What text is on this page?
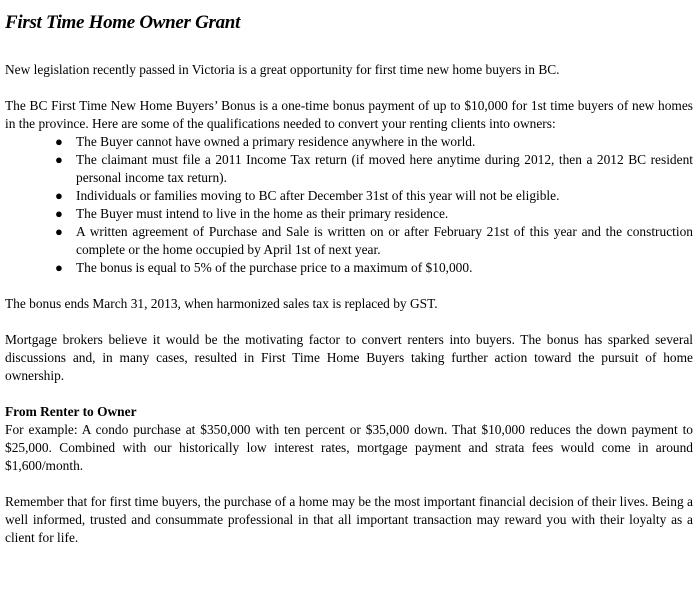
First Time Home Owner Grant

New legislation recently passed in Victoria is a great opportunity for first time new home buyers in BC.

The BC First Time New Home Buyers’ Bonus is a one-time bonus payment of up to $10,000 for 1st time buyers of new homes in the province. Here are some of the qualifications needed to convert your renting clients into owners:

● The Buyer cannot have owned a primary residence anywhere in the world.
● The claimant must file a 2011 Income Tax return (if moved here anytime during 2012, then a 2012 BC resident personal income tax return).
● Individuals or families moving to BC after December 31st of this year will not be eligible.
● The Buyer must intend to live in the home as their primary residence.
● A written agreement of Purchase and Sale is written on or after February 21st of this year and the construction complete or the home occupied by April 1st of next year.
● The bonus is equal to 5% of the purchase price to a maximum of $10,000.

The bonus ends March 31, 2013, when harmonized sales tax is replaced by GST.

Mortgage brokers believe it would be the motivating factor to convert renters into buyers. The bonus has sparked several discussions and, in many cases, resulted in First Time Home Buyers taking further action toward the pursuit of home ownership.

From Renter to Owner

For example: A condo purchase at $350,000 with ten percent or $35,000 down. That $10,000 reduces the down payment to $25,000. Combined with our historically low interest rates, mortgage payment and strata fees would come in around $1,600/month.

Remember that for first time buyers, the purchase of a home may be the most important financial decision of their lives. Being a well informed, trusted and consummate professional in that all important transaction may reward you with their loyalty as a client for life.
